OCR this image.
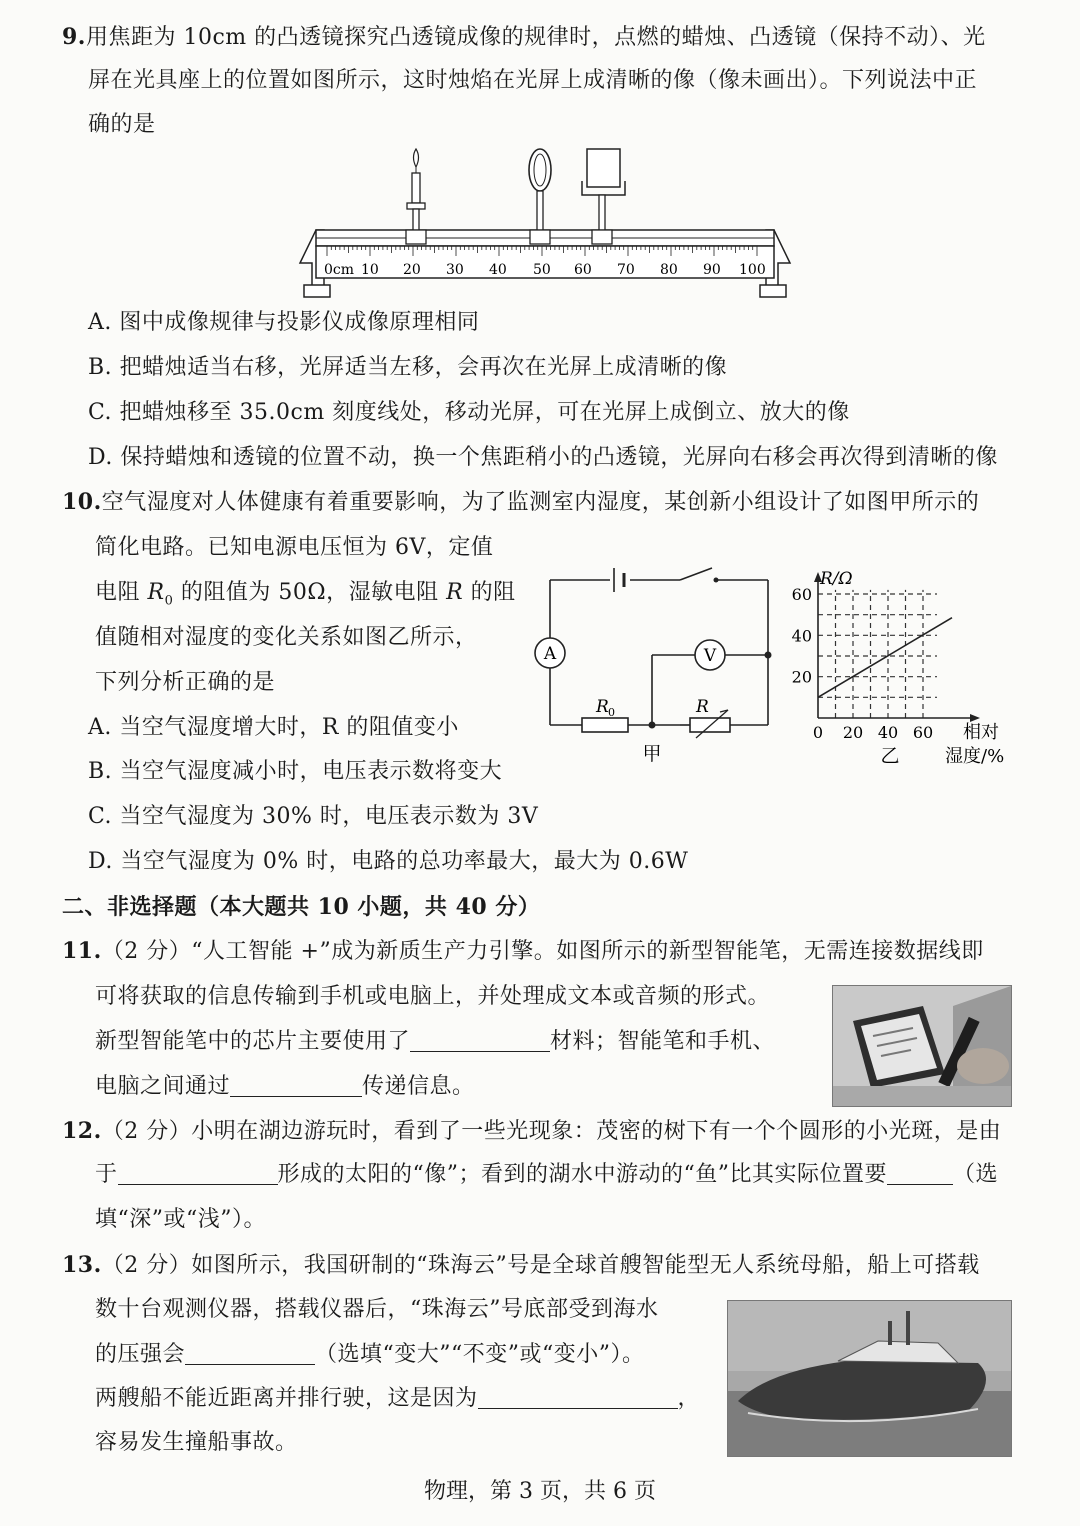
9.用焦距为 10cm 的凸透镜探究凸透镜成像的规律时，点燃的蜡烛、凸透镜（保持不动）、光
屏在光具座上的位置如图所示，这时烛焰在光屏上成清晰的像（像未画出）。下列说法中正
确的是
0cm 10 20 30 40 50 60 70 80 90 100
A. 图中成像规律与投影仪成像原理相同
B. 把蜡烛适当右移，光屏适当左移，会再次在光屏上成清晰的像
C. 把蜡烛移至 35.0cm 刻度线处，移动光屏，可在光屏上成倒立、放大的像
D. 保持蜡烛和透镜的位置不动，换一个焦距稍小的凸透镜，光屏向右移会再次得到清晰的像
10.空气湿度对人体健康有着重要影响，为了监测室内湿度，某创新小组设计了如图甲所示的
简化电路。已知电源电压恒为 6V，定值
电阻 $R_0$ 的阻值为 50Ω，湿敏电阻 R 的阻
值随相对湿度的变化关系如图乙所示，
下列分析正确的是
A. 当空气湿度增大时，R 的阻值变小
B. 当空气湿度减小时，电压表示数将变大
C. 当空气湿度为 30% 时，电压表示数为 3V
D. 当空气湿度为 0% 时，电路的总功率最大，最大为 0.6W
A	V
R 0	R
甲
R/Ω
20
40
60
0 20 40 60 相对
湿度/%
乙
二、非选择题（本大题共 10 小题，共 40 分）
11.（2 分）“人工智能 +”成为新质生产力引擎。如图所示的新型智能笔，无需连接数据线即
可将获取的信息传输到手机或电脑上，并处理成文本或音频的形式。
新型智能笔中的芯片主要使用了	材料；智能笔和手机、
电脑之间通过	传递信息。
12.（2 分）小明在湖边游玩时，看到了一些光现象：茂密的树下有一个个圆形的小光斑，是由
于	形成的太阳的“像”；看到的湖水中游动的“鱼”比其实际位置要	（选
填“深”或“浅”）。
13.（2 分）如图所示，我国研制的“珠海云”号是全球首艘智能型无人系统母船，船上可搭载
数十台观测仪器，搭载仪器后，“珠海云”号底部受到海水
的压强会	（选填“变大”“不变”或“变小”）。
两艘船不能近距离并排行驶，这是因为	，
容易发生撞船事故。
物理，第 3 页，共 6 页
